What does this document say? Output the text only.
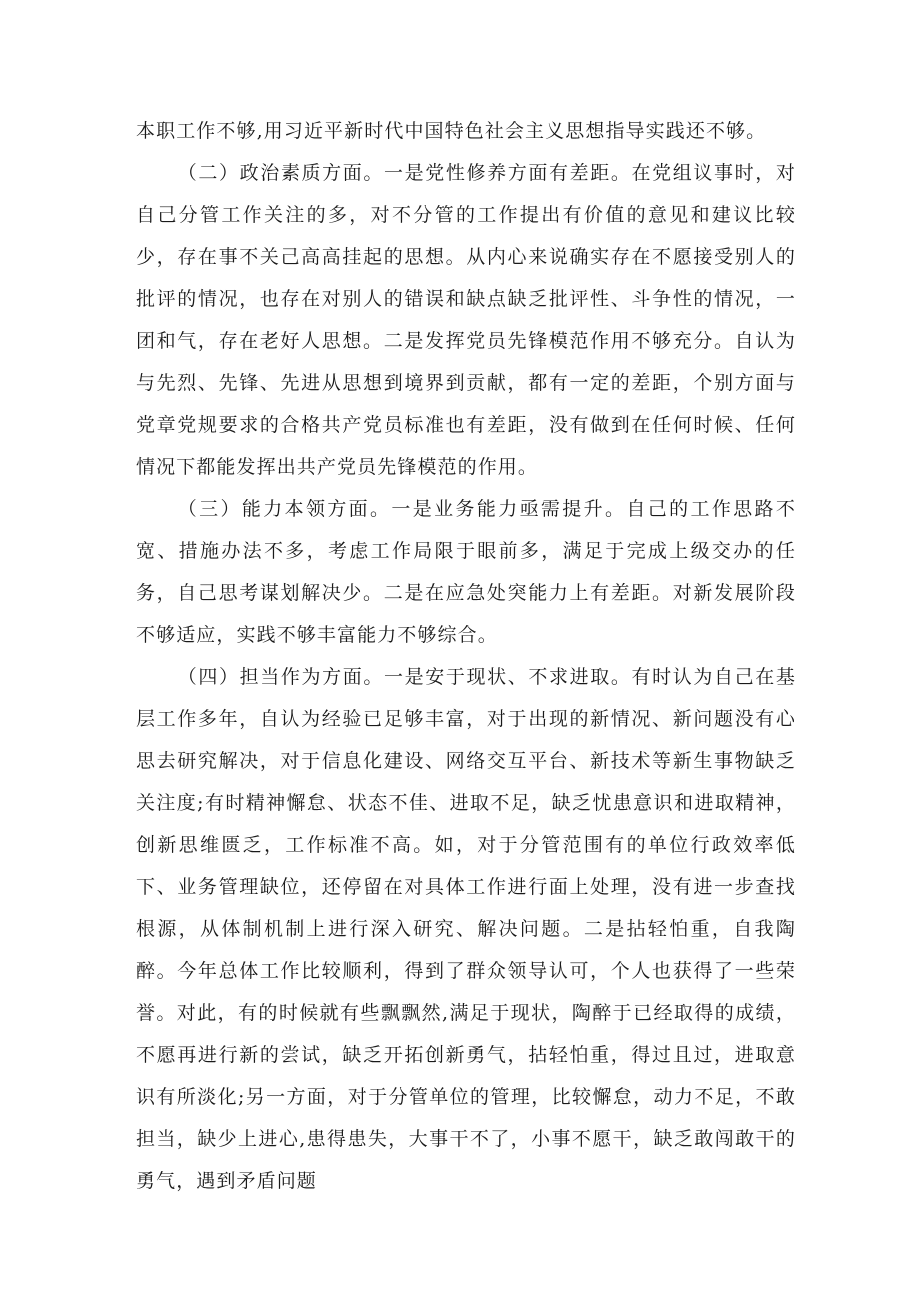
本职工作不够,用习近平新时代中国特色社会主义思想指导实践还不够。

（二）政治素质方面。一是党性修养方面有差距。在党组议事时，对自己分管工作关注的多，对不分管的工作提出有价值的意见和建议比较少，存在事不关己高高挂起的思想。从内心来说确实存在不愿接受别人的批评的情况，也存在对别人的错误和缺点缺乏批评性、斗争性的情况，一团和气，存在老好人思想。二是发挥党员先锋模范作用不够充分。自认为与先烈、先锋、先进从思想到境界到贡献，都有一定的差距，个别方面与党章党规要求的合格共产党员标准也有差距，没有做到在任何时候、任何情况下都能发挥出共产党员先锋模范的作用。

（三）能力本领方面。一是业务能力亟需提升。自己的工作思路不宽、措施办法不多，考虑工作局限于眼前多，满足于完成上级交办的任务，自己思考谋划解决少。二是在应急处突能力上有差距。对新发展阶段不够适应，实践不够丰富能力不够综合。

（四）担当作为方面。一是安于现状、不求进取。有时认为自己在基层工作多年，自认为经验已足够丰富，对于出现的新情况、新问题没有心思去研究解决，对于信息化建设、网络交互平台、新技术等新生事物缺乏关注度;有时精神懈怠、状态不佳、进取不足，缺乏忧患意识和进取精神，创新思维匮乏，工作标准不高。如，对于分管范围有的单位行政效率低下、业务管理缺位，还停留在对具体工作进行面上处理，没有进一步查找根源，从体制机制上进行深入研究、解决问题。二是拈轻怕重，自我陶醉。今年总体工作比较顺利，得到了群众领导认可，个人也获得了一些荣誉。对此，有的时候就有些飘飘然,满足于现状，陶醉于已经取得的成绩，不愿再进行新的尝试，缺乏开拓创新勇气，拈轻怕重，得过且过，进取意识有所淡化;另一方面，对于分管单位的管理，比较懈怠，动力不足，不敢担当，缺少上进心,患得患失，大事干不了，小事不愿干，缺乏敢闯敢干的勇气，遇到矛盾问题
